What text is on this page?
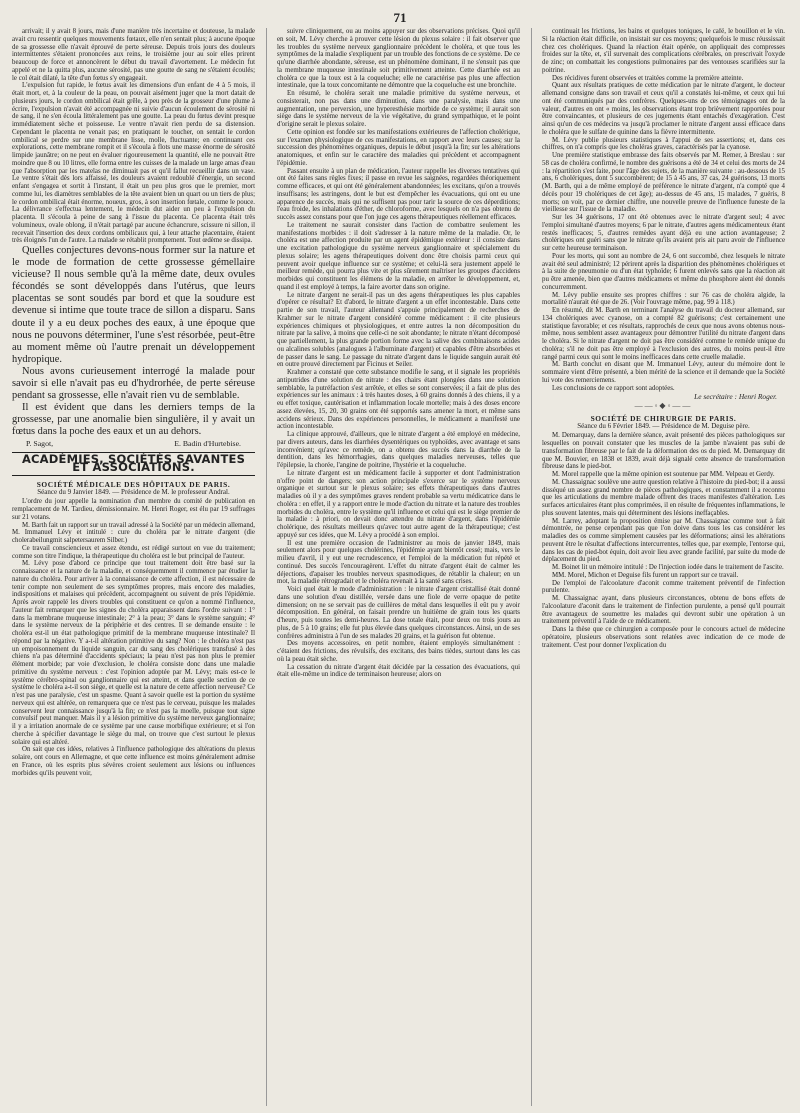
71

arrivait; il y avait 8 jours, mais d'une manière très incertaine et douteuse, la malade avait cru ressentir quelques mouvements fœtaux, elle n'en sentait plus; à aucune époque de sa grossesse elle n'avait éprouvé de perte séreuse. Depuis trois jours des douleurs intermittentes s'étaient prononcées aux reins, le troisième jour au soir elles prirent beaucoup de force et annoncèrent le début du travail d'avortement. Le médecin fut appelé et ne la quitta plus, aucune sérosité, pas une goutte de sang ne s'étaient écoulés; le col était dilaté, la tête d'un fœtus s'y engageait.

L'expulsion fut rapide, le fœtus avait les dimensions d'un enfant de 4 à 5 mois, il était mort, et, à la couleur de la peau, on pouvait aisément juger que la mort datait de plusieurs jours, le cordon ombilical était grêle, à peu près de la grosseur d'une plume à écrire, l'expulsion n'avait été accompagnée ni suivie d'aucun écoulement de sérosité ni de sang, il ne s'en écoula littéralement pas une goutte. La peau du fœtus devint presque immédiatement sèche et poisseuse. Le ventre n'avait rien perdu de sa distension. Cependant le placenta ne venait pas; en pratiquant le toucher, on sentait le cordon ombilical se perdre sur une membrane lisse, molle, fluctuante; en continuant ces explorations, cette membrane rompit et il s'écoula à flots une masse énorme de sérosité limpide jaunâtre; on ne peut en évaluer rigoureusement la quantité, elle ne pouvait être moindre que 8 ou 10 litres, elle forma entre les cuisses de la malade un large amas d'eau que l'absorption par les matelas ne diminuait pas et qu'il fallut recueillir dans un vase. Le ventre s'était dès lors affaissé, les douleurs avaient redoublé d'énergie, un second enfant s'engagea et sortit à l'instant, il était un peu plus gros que le premier, mort comme lui, les diamètres semblables de la tête avaient bien un quart ou un tiers de plus; le cordon ombilical était énorme, noueux, gros, à son insertion fœtale, comme le pouce. La délivrance s'effectua lentement, le médecin dut aider un peu à l'expulsion du placenta. Il s'écoula à peine de sang à l'issue du placenta. Ce placenta était très volumineux, ovale oblong, il n'était partagé par aucune échancrure, scissure ni sillon, il recevait l'insertion des deux cordons ombilicaux qui, à leur attache placentaire, étaient très éloignés l'un de l'autre. La malade se rétablit promptement. Tout œdème se dissipa.

Quelles conjectures devons-nous former sur la nature et le mode de formation de cette grossesse gémellaire vicieuse? Il nous semble qu'à la même date, deux ovules fécondés se sont développés dans l'utérus, que leurs placentas se sont soudés par bord et que la soudure est devenue si intime que toute trace de sillon a disparu. Sans doute il y a eu deux poches des eaux, à une époque que nous ne pouvons déterminer, l'une s'est résorbée, peut-être au moment même où l'autre prenait un développement hydropique.

Nous avons curieusement interrogé la malade pour savoir si elle n'avait pas eu d'hydrorhée, de perte séreuse pendant sa grossesse, elle n'avait rien vu de semblable.

Il est évident que dans les derniers temps de la grossesse, par une anomalie bien singulière, il y avait un fœtus dans la poche des eaux et un au dehors.

P. Sagot,	E. Badin d'Hurtebise.
ACADÉMIES, SOCIÉTÉS SAVANTES ET ASSOCIATIONS.
SOCIÉTÉ MÉDICALE DES HÔPITAUX DE PARIS.
Séance du 9 Janvier 1849. — Présidence de M. le professeur Andral.

L'ordre du jour appelle la nomination d'un membre du comité de publication en remplacement de M. Tardieu, démissionnaire. M. Henri Roger, est élu par 19 suffrages sur 21 votans.

M. Barth fait un rapport sur un travail adressé à la Société par un médecin allemand, M. Immanuel Lévy et intitulé : cure du choléra par le nitrate d'argent (die cholerabeilungmit salpetersaurem Silber.)

Ce travail consciencieux et assez étendu, est rédigé surtout en vue du traitement; comme son titre l'indique, la thérapeutique du choléra est le but principal de l'auteur.

M. Lévy pose d'abord ce principe que tout traitement doit être basé sur la connaissance et la nature de la maladie, et conséquemment il commence par étudier la nature du choléra. Pour arriver à la connaissance de cette affection, il est nécessaire de tenir compte non seulement de ses symptômes propres, mais encore des maladies, indispositions et malaises qui précèdent, accompagnent ou suivent de près l'épidémie. Après avoir rappelé les divers troubles qui constituent ce qu'on a nommé l'influence, l'auteur fait remarquer que les signes du choléra apparaissent dans l'ordre suivant : 1° dans la membrane muqueuse intestinale; 2° à la peau; 3° dans le système sanguin; 4° dans le système nerveux de la périphérie et des centres. Il se demande ensuite : le choléra est-il un état pathologique primitif de la membrane muqueuse intestinale? Il répond par la négative. Y a-t-il altération primitive du sang? Non : le choléra n'est pas un empoisonnement du liquide sanguin, car du sang des cholériques transfusé à des chiens n'a pas déterminé d'accidents spéciaux; la peau n'est pas non plus le premier élément morbide; par voie d'exclusion, le choléra consiste donc dans une maladie primitive du système nerveux : c'est l'opinion adoptée par M. Lévy; mais est-ce le système cérébro-spinal ou ganglionnaire qui est atteint, et dans quelle section de ce système le choléra a-t-il son siège, et quelle est la nature de cette affection nerveuse? Ce n'est pas une paralysie, c'est un spasme. Quant à savoir quelle est la portion du système nerveux qui est altérée, on remarquera que ce n'est pas le cerveau, puisque les malades conservent leur connaissance jusqu'à la fin; ce n'est pas la moelle, puisque tout signe convulsif peut manquer. Mais il y a lésion primitive du système nerveux ganglionnaire; il y a irritation anormale de ce système par une cause morbifique extérieure; et si l'on cherche à spécifier davantage le siège du mal, on trouve que c'est surtout le plexus solaire qui est altéré.

On sait que ces idées, relatives à l'influence pathologique des altérations du plexus solaire, ont cours en Allemagne, et que cette influence est moins généralement admise en France, où les esprits plus sévères croient seulement aux lésions ou influences morbides qu'ils peuvent voir,

suivre cliniquement, ou au moins appuyer sur des observations précises. Quoi qu'il en soit, M. Lévy cherche à prouver cette lésion du plexus solaire : il fait observer que les troubles du système nerveux ganglionnaire précèdent le choléra, et que tous les symptômes de la maladie s'expliquent par un trouble des fonctions de ce système. De ce qu'une diarrhée abondante, séreuse, est un phénomène dominant, il ne s'ensuit pas que la membrane muqueuse intestinale soit primitivement atteinte. Cette diarrhée est au choléra ce que la toux est à la coqueluche; elle ne caractérise pas plus une affection intestinale, que la toux concomitante ne démontre que la coqueluche est une bronchite.

En résumé, le choléra serait une maladie primitive du système nerveux, et consisterait, non pas dans une diminution, dans une paralysie, mais dans une augmentation, une perversion, une hyperesthésie morbide de ce système; il aurait son siège dans le système nerveux de la vie végétative, du grand sympathique, et le point d'origine serait le plexus solaire.

Cette opinion est fondée sur les manifestations extérieures de l'affection cholérique, sur l'examen physiologique de ces manifestations, en rapport avec leurs causes; sur la succession des phénomènes organiques, depuis le début jusqu'à la fin; sur les altérations anatomiques, et enfin sur le caractère des maladies qui précèdent et accompagnent l'épidémie.

Passant ensuite à un plan de médication, l'auteur rappelle les diverses tentatives qui ont été faites sans règles fixes; il passe en revue les saignées, regardées théoriquement comme efficaces, et qui ont été généralement abandonnées; les excitans, qu'on a trouvés insuffisans; les astringens, dont le but est d'empêcher les évacuations, qui ont eu une apparence de succès, mais qui ne suffisent pas pour tarir la source de ces déperditions; l'eau froide, les inhalations d'éther, de chloroforme, avec lesquels on n'a pas obtenu de succès assez constans pour que l'on juge ces agens thérapeutiques réellement efficaces.

Le traitement ne saurait consister dans l'action de combattre seulement les manifestations morbides : il doit s'adresser à la nature même de la maladie. Or, le choléra est une affection produite par un agent épidémique extérieur : il consiste dans une excitation pathologique du système nerveux ganglionnaire et spécialement du plexus solaire; les agens thérapeutiques doivent donc être choisis parmi ceux qui peuvent avoir quelque influence sur ce système; et celui-là sera justement appelé le meilleur remède, qui pourra plus vite et plus sûrement maîtriser les groupes d'accidens morbides qui constituent les élémens de la maladie, en arrêter le développement, et, quand il est employé à temps, la faire avorter dans son origine.

Le nitrate d'argent ne serait-il pas un des agens thérapeutiques les plus capables d'opérer ce résultat? Et d'abord, le nitrate d'argent a un effet incontestable. Dans cette partie de son travail, l'auteur allemand s'appuie principalement de recherches de Krahmer sur le nitrate d'argent considéré comme médicament : il cite plusieurs expériences chimiques et physiologiques, et entre autres la non décomposition du nitrate par la salive, à moins que celle-ci ne soit abondante; le nitrate n'étant décomposé que partiellement, la plus grande portion forme avec la salive des combinaisons acides ou alcalines solubles (analogues à l'albuminate d'argent) et capables d'être absorbées et de passer dans le sang. Le passage du nitrate d'argent dans le liquide sanguin aurait été en outre prouvé directement par Ficinus et Seiler.

Krahmer a constaté que cette substance modifie le sang, et il signale les propriétés antiputrides d'une solution de nitrate : des chairs étant plongées dans une solution semblable, la putréfaction s'est arrêtée, et elles se sont conservées; il a fait de plus des expériences sur les animaux : à très hautes doses, à 60 grains donnés à des chiens, il y a eu effet toxique, cautérisation et inflammation locale mortelle; mais à des doses encore assez élevées, 15, 20, 30 grains ont été supportés sans amener la mort, et même sans accidens sérieux. Dans des expériences personnelles, le médicament a manifesté une action incontestable.

La clinique approuvé, d'ailleurs, que le nitrate d'argent a été employé en médecine, par divers auteurs, dans les diarrhées dysentériques ou typhoïdes, avec avantage et sans inconvénient; qu'avec ce remède, on a obtenu des succès dans la diarrhée de la dentition, dans les hémorrhagies, dans quelques maladies nerveuses, telles que l'épilepsie, la chorée, l'angine de poitrine, l'hystérie et la coqueluche.

Le nitrate d'argent est un médicament facile à supporter et dont l'administration n'offre point de dangers; son action principale s'exerce sur le système nerveux organique et surtout sur le plexus solaire; ses effets thérapeutiques dans d'autres maladies où il y a des symptômes graves rendent probable sa vertu médicatrice dans le choléra : en effet, il y a rapport entre le mode d'action du nitrate et la nature des troubles morbides du choléra, entre le système qu'il influence et celui qui est le siège premier de la maladie : à priori, on devait donc attendre du nitrate d'argent, dans l'épidémie cholérique, des résultats meilleurs qu'avec tout autre agent de la thérapeutique; c'est appuyé sur ces idées, que M. Lévy a procédé à son emploi.

Il est une première occasion de l'administrer au mois de janvier 1849, mais seulement alors pour quelques cholérines, l'épidémie ayant bientôt cessé; mais, vers le milieu d'avril, il y eut une recrudescence, et l'emploi de la médication fut répété et continué. Des succès l'encouragèrent. L'effet du nitrate d'argent était de calmer les déjections, d'apaiser les troubles nerveux spasmodiques, de rétablir la chaleur; en un mot, la maladie rétrogradait et le choléra revenait à la santé sans crises.

Voici quel était le mode d'administration : le nitrate d'argent cristallisé était donné dans une solution d'eau distillée, versée dans une fiole de verre opaque de petite dimension; on ne se servait pas de cuillères de métal dans lesquelles il eût pu y avoir décomposition. En général, on faisait prendre un huitième de grain tous les quarts d'heure, puis toutes les demi-heures. La dose totale était, pour deux ou trois jours au plus, de 5 à 10 grains; elle fut plus élevée dans quelques circonstances. Ainsi, un de ses confrères administra à l'un de ses malades 20 grains, et la guérison fut obtenue.

Des moyens accessoires, en petit nombre, étaient employés simultanément : c'étaient des frictions, des révulsifs, des excitans, des bains tièdes, surtout dans les cas où la peau était sèche.

La cessation du nitrate d'argent était décidée par la cessation des évacuations, qui était elle-même un indice de terminaison heureuse; alors on

continuait les frictions, les bains et quelques toniques, le café, le bouillon et le vin. Si la réaction était difficile, on insistait sur ces moyens; quelquefois le musc réussissait chez ces cholériques. Quand la réaction était opérée, on appliquait des compresses froides sur la tête, et, s'il survenait des complications cérébrales, on prescrivait l'oxyde de zinc; on combattait les congestions pulmonaires par des ventouses scarifiées sur la poitrine.

Des récidives furent observées et traitées comme la première atteinte.

Quant aux résultats pratiques de cette médication par le nitrate d'argent, le docteur allemand consigne dans son travail et ceux qu'il a constatés lui-même, et ceux qui lui ont été communiqués par des confrères. Quelques-uns de ces témoignages ont de la valeur, d'autres en ont « moins, les observations étant trop brièvement rapportées pour être convaincantes, et plusieurs de ces jugements étant entachés d'exagération. C'est ainsi qu'un de ces médecins va jusqu'à proclamer le nitrate d'argent aussi efficace dans le choléra que le sulfate de quinine dans la fièvre intermittente.

M. Lévy publie plusieurs statistiques à l'appui de ses assertions; et, dans ces chiffres, on n'a compris que les choléras graves, caractérisés par la cyanose.

Une première statistique embrasse des faits observés par M. Remer, à Breslau : sur 58 cas de choléra confirmé, le nombre des guérisons a été de 34 et celui des morts de 24 : la répartition s'est faite, pour l'âge des sujets, de la manière suivante : au-dessous de 15 ans, 6 cholériques, dont 5 succombèrent; de 15 à 45 ans, 37 cas, 24 guérisons, 13 morts (M. Barth, qui a de même employé de préférence le nitrate d'argent, n'a compté que 4 décès pour 19 cholériques de cet âge); au-dessus de 45 ans, 15 malades, 7 guéris, 8 morts; on voit, par ce dernier chiffre, une nouvelle preuve de l'influence funeste de la vieillesse sur l'issue de la maladie.

Sur les 34 guérisons, 17 ont été obtenues avec le nitrate d'argent seul; 4 avec l'emploi simultané d'autres moyens; 6 par le nitrate, d'autres agens médicamenteux étant restés inefficaces; 5, d'autres remèdes ayant déjà eu une action avantageuse; 2 cholériques ont guéri sans que le nitrate qu'ils avaient pris ait paru avoir de l'influence sur cette heureuse terminaison.

Pour les morts, qui sont au nombre de 24, 6 ont succombé, chez lesquels le nitrate avait été seul administré; 12 périrent après la disparition des phénomènes cholériques et à la suite de pneumonie ou d'un état typhoïde; 6 furent enlevés sans que la réaction ait pu être amenée, bien que d'autres médicamens et même du phosphore aient été donnés concurremment.

M. Lévy publie ensuite ses propres chiffres : sur 76 cas de choléra algide, la mortalité n'aurait été que de 26. (Voir l'ouvrage même, pag. 99 à 118.)

En résumé, dit M. Barth en terminant l'analyse du travail du docteur allemand, sur 134 cholériques avec cyanose, on a compté 82 guérisons; c'est certainement une statistique favorable; et ces résultats, rapprochés de ceux que nous avons obtenus nous-même, nous semblent assez avantageux pour démontrer l'utilité du nitrate d'argent dans le choléra. Si le nitrate d'argent ne doit pas être considéré comme le remède unique du choléra; s'il ne doit pas être employé à l'exclusion des autres, du moins peut-il être rangé parmi ceux qui sont le moins inefficaces dans cette cruelle maladie.

M. Barth conclut en disant que M. Immanuel Lévy, auteur du mémoire dont le sommaire vient d'être présenté, a bien mérité de la science et il demande que la Société lui vote des remerciemens.

Les conclusions de ce rapport sont adoptées.

Le secrétaire : Henri Roger.
——◦◆◦——
SOCIÉTÉ DE CHIRURGIE DE PARIS.
Séance du 6 Février 1849. — Présidence de M. Deguise père.

M. Demarquay, dans la dernière séance, avait présenté des pièces pathologiques sur lesquelles on pouvait constater que les muscles de la jambe n'avaient pas subi de transformation fibreuse par le fait de la déformation des os du pied. M. Demarquay dit que M. Bouvier, en 1838 et 1839, avait déjà signalé cette absence de transformation fibreuse dans le pied-bot.

M. Morel rappelle que la même opinion est soutenue par MM. Velpeau et Gerdy.

M. Chassaignac soulève une autre question relative à l'histoire du pied-bot; il a aussi disséqué un assez grand nombre de pièces pathologiques, et constamment il a reconnu que les articulations du membre malade offrent des traces manifestes d'altération. Les surfaces articulaires étant plus comprimées, il en résulte de fréquentes inflammations, le plus souvent latentes, mais qui déterminent des lésions ineffaçables.

M. Larrey, adoptant la proposition émise par M. Chassaignac comme tout à fait démontrée, ne pense cependant pas que l'on doive dans tous les cas considérer les maladies des os comme simplement causées par les déformations; ainsi les altérations peuvent être le résultat d'affections intercurrentes, telles que, par exemple, l'entorse qui, dans les cas de pied-bot équin, doit avoir lieu avec grande facilité, par suite du mode de déplacement du pied.

M. Boinet lit un mémoire intitulé : De l'injection iodée dans le traitement de l'ascite.

MM. Morel, Michon et Deguise fils furent un rapport sur ce travail.

De l'emploi de l'alcoolature d'aconit comme traitement préventif de l'infection purulente.

M. Chassaignac ayant, dans plusieurs circonstances, obtenu de bons effets de l'alcoolature d'aconit dans le traitement de l'infection purulente, a pensé qu'il pourrait être avantageux de soumettre les malades qui devront subir une opération à un traitement préventif à l'aide de ce médicament.

Dans la thèse que ce chirurgien a composée pour le concours actuel de médecine opératoire, plusieurs observations sont relatées avec indication de ce mode de traitement. C'est pour donner l'explication du
